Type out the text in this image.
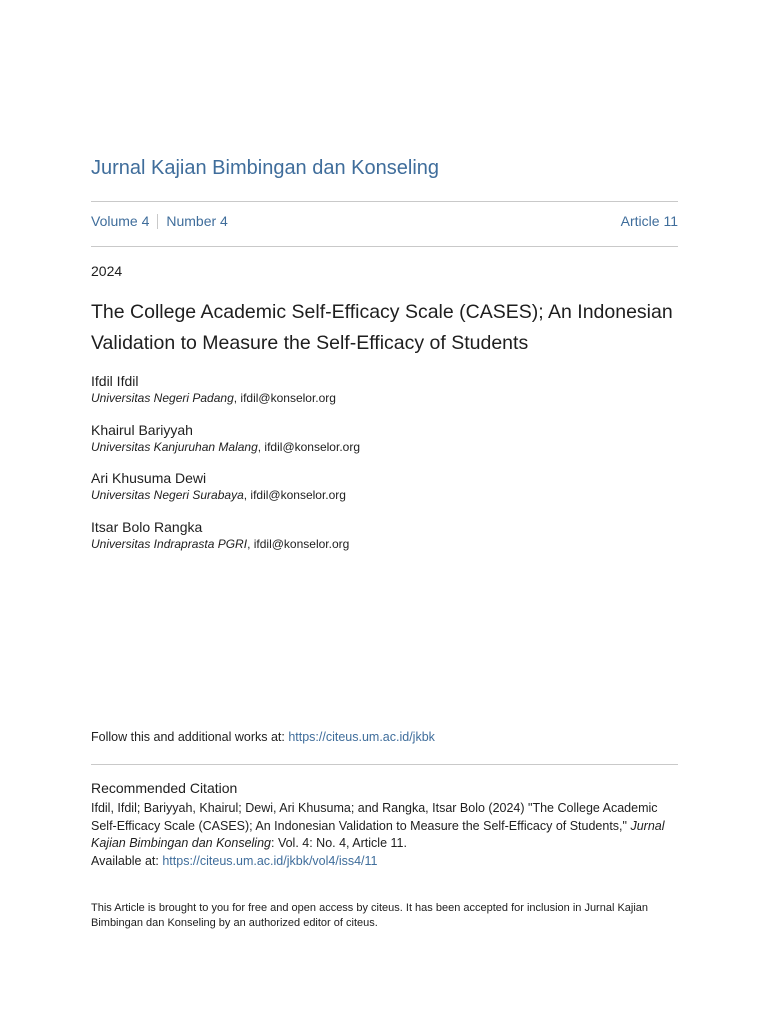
Jurnal Kajian Bimbingan dan Konseling
Volume 4 Number 4	Article 11
2024
The College Academic Self-Efficacy Scale (CASES); An Indonesian Validation to Measure the Self-Efficacy of Students
Ifdil Ifdil
Universitas Negeri Padang, ifdil@konselor.org
Khairul Bariyyah
Universitas Kanjuruhan Malang, ifdil@konselor.org
Ari Khusuma Dewi
Universitas Negeri Surabaya, ifdil@konselor.org
Itsar Bolo Rangka
Universitas Indraprasta PGRI, ifdil@konselor.org
Follow this and additional works at: https://citeus.um.ac.id/jkbk
Recommended Citation
Ifdil, Ifdil; Bariyyah, Khairul; Dewi, Ari Khusuma; and Rangka, Itsar Bolo (2024) "The College Academic Self-Efficacy Scale (CASES); An Indonesian Validation to Measure the Self-Efficacy of Students," Jurnal Kajian Bimbingan dan Konseling: Vol. 4: No. 4, Article 11.
Available at: https://citeus.um.ac.id/jkbk/vol4/iss4/11
This Article is brought to you for free and open access by citeus. It has been accepted for inclusion in Jurnal Kajian Bimbingan dan Konseling by an authorized editor of citeus.
